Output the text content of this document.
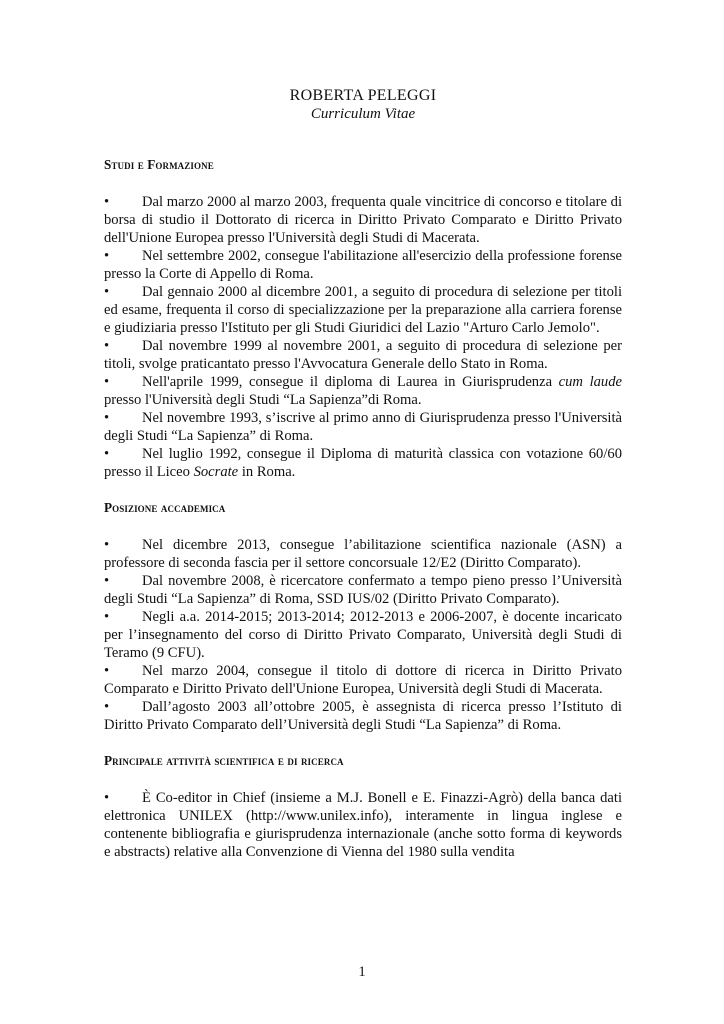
ROBERTA PELEGGI
Curriculum Vitae
Studi e Formazione

• Dal marzo 2000 al marzo 2003, frequenta quale vincitrice di concorso e titolare di borsa di studio il Dottorato di ricerca in Diritto Privato Comparato e Diritto Privato dell'Unione Europea presso l'Università degli Studi di Macerata.

• Nel settembre 2002, consegue l'abilitazione all'esercizio della professione forense presso la Corte di Appello di Roma.

• Dal gennaio 2000 al dicembre 2001, a seguito di procedura di selezione per titoli ed esame, frequenta il corso di specializzazione per la preparazione alla carriera forense e giudiziaria presso l'Istituto per gli Studi Giuridici del Lazio "Arturo Carlo Jemolo".

• Dal novembre 1999 al novembre 2001, a seguito di procedura di selezione per titoli, svolge praticantato presso l'Avvocatura Generale dello Stato in Roma.

• Nell'aprile 1999, consegue il diploma di Laurea in Giurisprudenza cum laude presso l'Università degli Studi “La Sapienza”di Roma.

• Nel novembre 1993, s’iscrive al primo anno di Giurisprudenza presso l'Università degli Studi “La Sapienza” di Roma.

• Nel luglio 1992, consegue il Diploma di maturità classica con votazione 60/60 presso il Liceo Socrate in Roma.

Posizione accademica

• Nel dicembre 2013, consegue l’abilitazione scientifica nazionale (ASN) a professore di seconda fascia per il settore concorsuale 12/E2 (Diritto Comparato).

• Dal novembre 2008, è ricercatore confermato a tempo pieno presso l’Università degli Studi “La Sapienza” di Roma, SSD IUS/02 (Diritto Privato Comparato).

• Negli a.a. 2014-2015; 2013-2014; 2012-2013 e 2006-2007, è docente incaricato per l’insegnamento del corso di Diritto Privato Comparato, Università degli Studi di Teramo (9 CFU).

• Nel marzo 2004, consegue il titolo di dottore di ricerca in Diritto Privato Comparato e Diritto Privato dell'Unione Europea, Università degli Studi di Macerata.

• Dall’agosto 2003 all’ottobre 2005, è assegnista di ricerca presso l’Istituto di Diritto Privato Comparato dell’Università degli Studi “La Sapienza” di Roma.

Principale attività scientifica e di ricerca

• È Co-editor in Chief (insieme a M.J. Bonell e E. Finazzi-Agrò) della banca dati elettronica UNILEX (http://www.unilex.info), interamente in lingua inglese e contenente bibliografia e giurisprudenza internazionale (anche sotto forma di keywords e abstracts) relative alla Convenzione di Vienna del 1980 sulla vendita

1
